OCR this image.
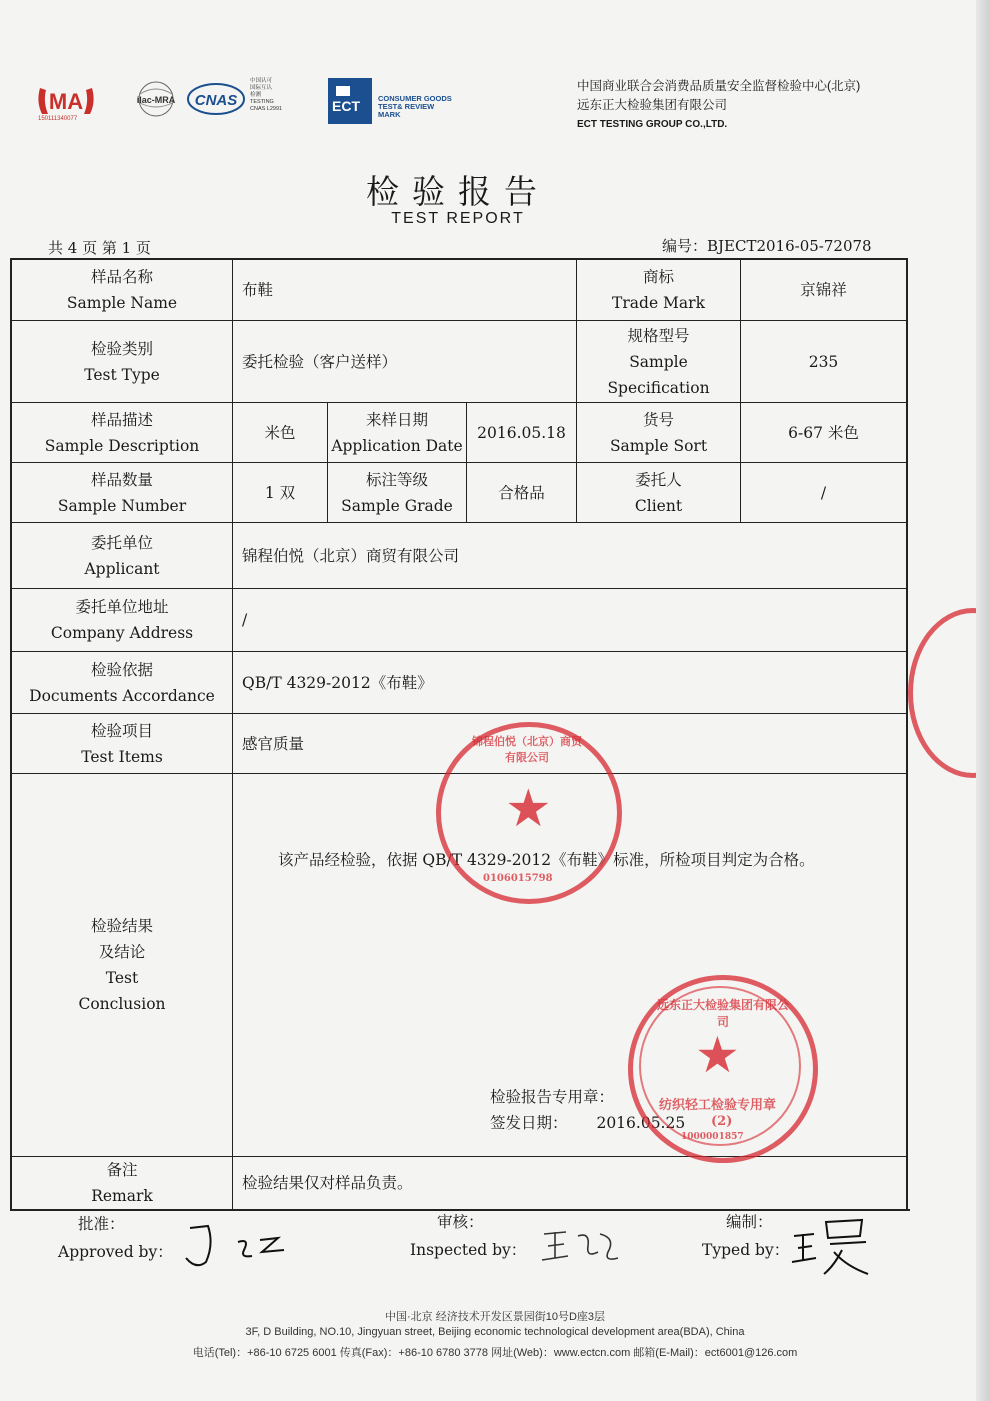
MA
150111340077
ilac-MRA CNAS
中国认可
国际互认
检测
TESTING
CNAS L2991	ECT CONSUMER GOODS
TEST& REVIEW
MARK
中国商业联合会消费品质量安全监督检验中心(北京)
远东正大检验集团有限公司
ECT TESTING GROUP CO.,LTD.
检验报告
TEST REPORT
共 4 页 第 1 页	编号：BJECT2016-05-72078
样品名称
Sample Name
布鞋
商标
Trade Mark
京锦祥
检验类别
Test Type
委托检验（客户送样）
规格型号
Sample
Specification
235
样品描述
Sample Description
米色
来样日期
Application Date
2016.05.18
货号
Sample Sort
6-67 米色
样品数量
Sample Number
1 双
标注等级
Sample Grade
合格品
委托人
Client
/
委托单位
Applicant
锦程伯悦（北京）商贸有限公司
委托单位地址
Company Address
/
检验依据
Documents Accordance
QB/T 4329-2012《布鞋》
检验项目
Test Items
感官质量
检验结果
及结论
Test
Conclusion
备注
Remark
检验结果仅对样品负责。
该产品经检验，依据 QB/T 4329-2012《布鞋》标准，所检项目判定为合格。
检验报告专用章：
签发日期： 2016.05.25
★
锦程伯悦（北京）商贸有限公司
0106015798
远东正大检验集团有限公司
★
纺织轻工检验专用章
(2)
1000001857
批准：
Approved by：
审核：
Inspected by：
编制：
Typed by：
中国·北京 经济技术开发区景园街10号D座3层
3F, D Building, NO.10, Jingyuan street, Beijing economic technological development area(BDA), China
电话(Tel)：+86-10 6725 6001 传真(Fax)：+86-10 6780 3778 网址(Web)：www.ectcn.com 邮箱(E-Mail)：ect6001@126.com
